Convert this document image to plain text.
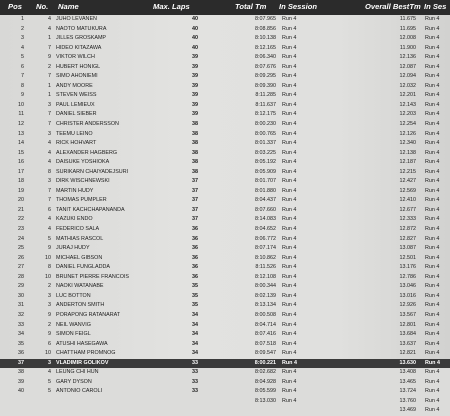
Pos No. Name	Max. Laps	Total Tm In Session	Overall BestTm In Ses
1	4 JUHO LEVANEN	40	8:07.965 Run 4	11.675 Run 4
2	4 NAOTO MATUKURA	40	8:08.856 Run 4	11.695 Run 4
3	1 JILLES GROSKAMP	40	8:10.138 Run 4	12.008 Run 4
4	7 HIDEO KITAZAWA	40	8:12.165 Run 4	11.900 Run 4
5	9 VIKTOR WILCH	39	8:06.340 Run 4	12.136 Run 4
6	2 HUBERT HONIGL	39	8:07.676 Run 4	12.087 Run 4
7	7 SIMO AHONIEMI	39	8:09.295 Run 4	12.094 Run 4
8	1 ANDY MOORE	39	8:09.390 Run 4	12.032 Run 4
9	1 STEVEN WEISS	39	8:11.285 Run 4	12.201 Run 4
10	3 PAUL LEMIEUX	39	8:11.637 Run 4	12.143 Run 4
11	7 DANIEL SIEBER	39	8:12.175 Run 4	12.203 Run 4
12	7 CHRISTER ANDERSSON	38	8:00.230 Run 4	12.254 Run 4
13	3 TEEMU LEINO	38	8:00.765 Run 4	12.126 Run 4
14	4 RICK HOHVART	38	8:01.337 Run 4	12.340 Run 4
15	4 ALEXANDER HAGBERG	38	8:03.225 Run 4	12.138 Run 4
16	4 DAISUKE YOSHIOKA	38	8:05.192 Run 4	12.187 Run 4
17	8 SURIKARN CHAIYADEJSURI	38	8:05.909 Run 4	12.215 Run 4
18	3 DIRK WISCHNEWSKI	37	8:01.707 Run 4	12.427 Run 4
19	7 MARTIN HUDY	37	8:01.880 Run 4	12.569 Run 4
20	7 THOMAS PUMPLER	37	8:04.437 Run 4	12.410 Run 4
21	6 TANIT KACHCHAPANANDA	37	8:07.660 Run 4	12.677 Run 4
22	4 KAZUKI ENDO	37	8:14.083 Run 4	12.333 Run 4
23	4 FEDERICO SALA	36	8:04.652 Run 4	12.872 Run 4
24	5 MATHIAS RASCOL	36	8:06.772 Run 4	12.827 Run 4
25	9 JURAJ HUDY	36	8:07.174 Run 4	13.087 Run 4
26	10 MICHAEL GIBSON	36	8:10.862 Run 4	12.501 Run 4
27	8 DANIEL FUNGLADDA	36	8:11.526 Run 4	13.176 Run 4
28	10 BRUNET PIERRE FRANCOIS	36	8:12.108 Run 4	12.786 Run 4
29	2 NAOKI WATANABE	35	8:00.344 Run 4	13.046 Run 4
30	3 LUC BOTTON	35	8:02.139 Run 4	13.016 Run 4
31	3 ANDERTON SMITH	35	8:13.134 Run 4	12.926 Run 4
32	9 PORAPONG RATANARAT	34	8:00.508 Run 4	13.567 Run 4
33	2 NEIL WANVIG	34	8:04.714 Run 4	12.801 Run 4
34	9 SIMON FEIGL	34	8:07.416 Run 4	13.684 Run 4
35	6 ATUSHI HASEGAWA	34	8:07.518 Run 4	13.637 Run 4
36	10 CHATTHAM PROMNOG	34	8:09.547 Run 4	12.821 Run 4
37	3 VLADIMIR GOLIKOV	33	8:00.221 Run 4	13.630 Run 4
38	4 LEUNG CHI HUN	33	8:02.682 Run 4	13.408 Run 4
39	5 GARY DYSON	33	8:04.928 Run 4	13.465 Run 4
40	5 ANTONIO CAROLI	33	8:05.599 Run 4	13.724 Run 4
8:13.030 Run 4	13.760 Run 4
13.469 Run 4
